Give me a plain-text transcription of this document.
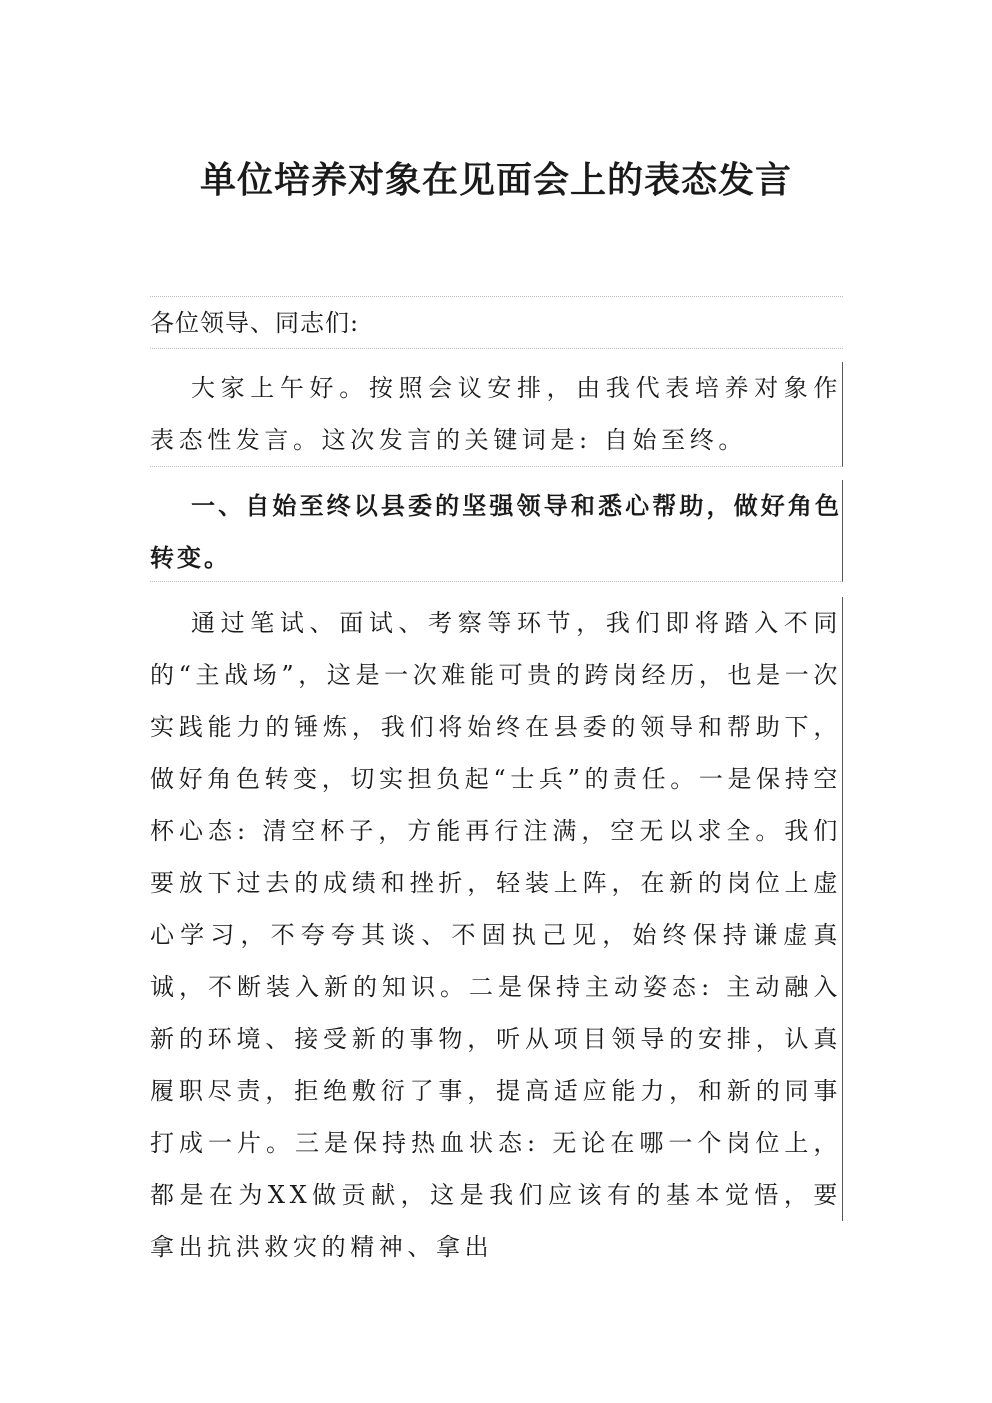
单位培养对象在见面会上的表态发言
各位领导、同志们:
大家上午好。按照会议安排，由我代表培养对象作表态性发言。这次发言的关键词是: 自始至终。
一、自始至终以县委的坚强领导和悉心帮助，做好角色转变。
通过笔试、面试、考察等环节，我们即将踏入不同的“主战场”，这是一次难能可贵的跨岗经历，也是一次实践能力的锤炼，我们将始终在县委的领导和帮助下，做好角色转变，切实担负起“士兵”的责任。一是保持空杯心态: 清空杯子，方能再行注满，空无以求全。我们要放下过去的成绩和挫折，轻装上阵，在新的岗位上虚心学习，不夸夸其谈、不固执己见，始终保持谦虚真诚，不断装入新的知识。二是保持主动姿态: 主动融入新的环境、接受新的事物，听从项目领导的安排，认真履职尽责，拒绝敷衍了事，提高适应能力，和新的同事打成一片。三是保持热血状态: 无论在哪一个岗位上，都是在为XX做贡献，这是我们应该有的基本觉悟，要拿出抗洪救灾的精神、拿出
